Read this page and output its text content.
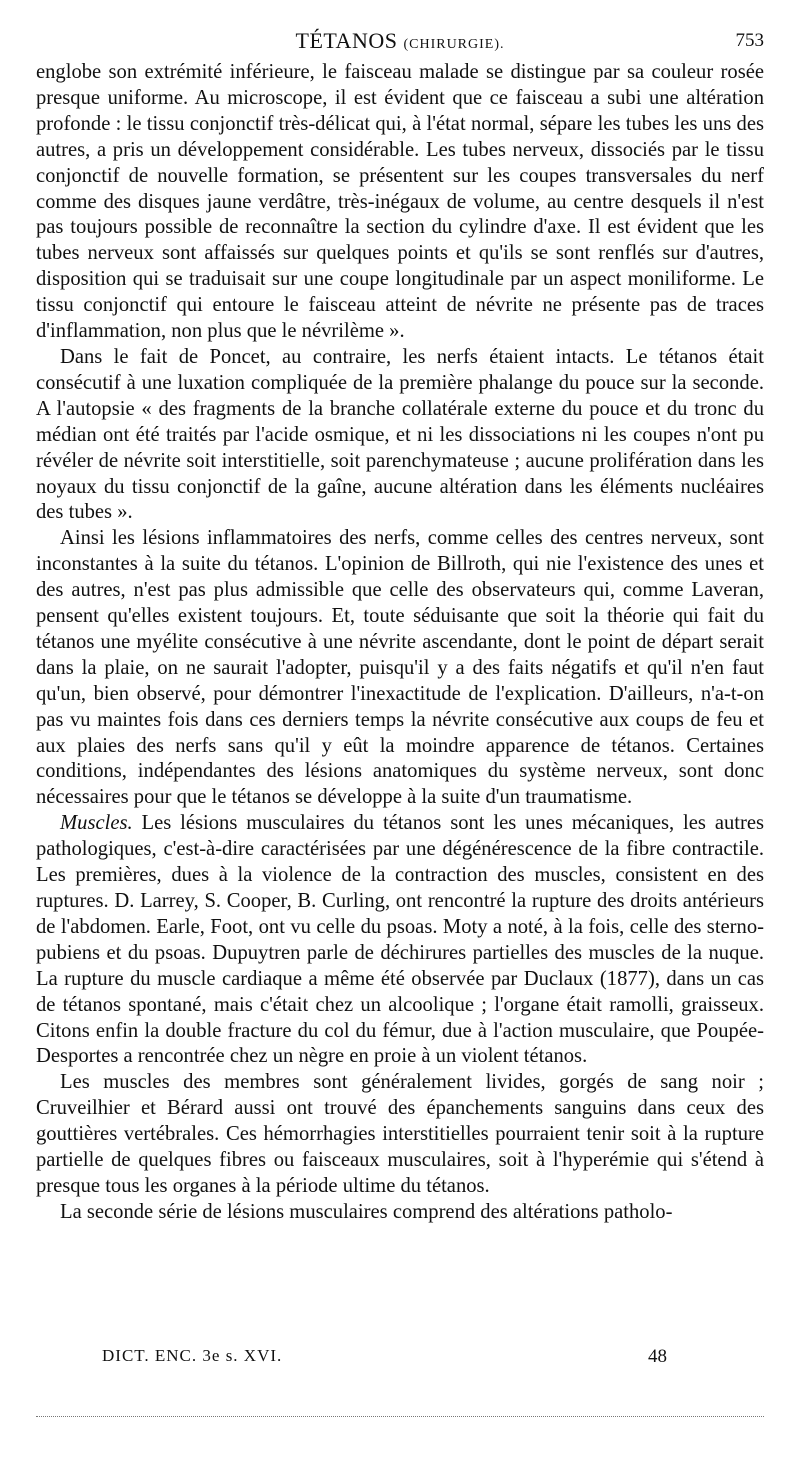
TÉTANOS (CHIRURGIE).	753

englobe son extrémité inférieure, le faisceau malade se distingue par sa couleur rosée presque uniforme. Au microscope, il est évident que ce faisceau a subi une altération profonde : le tissu conjonctif très-délicat qui, à l'état normal, sépare les tubes les uns des autres, a pris un développement considérable. Les tubes nerveux, dissociés par le tissu conjonctif de nouvelle formation, se présentent sur les coupes transversales du nerf comme des disques jaune verdâtre, très-inégaux de volume, au centre desquels il n'est pas toujours possible de reconnaître la section du cylindre d'axe. Il est évident que les tubes nerveux sont affaissés sur quelques points et qu'ils se sont renflés sur d'autres, disposition qui se traduisait sur une coupe longitudinale par un aspect moniliforme. Le tissu conjonctif qui entoure le faisceau atteint de névrite ne présente pas de traces d'inflammation, non plus que le névrilème ».

Dans le fait de Poncet, au contraire, les nerfs étaient intacts. Le tétanos était consécutif à une luxation compliquée de la première phalange du pouce sur la seconde. A l'autopsie « des fragments de la branche collatérale externe du pouce et du tronc du médian ont été traités par l'acide osmique, et ni les dissociations ni les coupes n'ont pu révéler de névrite soit interstitielle, soit parenchymateuse ; aucune prolifération dans les noyaux du tissu conjonctif de la gaîne, aucune altération dans les éléments nucléaires des tubes ».

Ainsi les lésions inflammatoires des nerfs, comme celles des centres nerveux, sont inconstantes à la suite du tétanos. L'opinion de Billroth, qui nie l'existence des unes et des autres, n'est pas plus admissible que celle des observateurs qui, comme Laveran, pensent qu'elles existent toujours. Et, toute séduisante que soit la théorie qui fait du tétanos une myélite consécutive à une névrite ascendante, dont le point de départ serait dans la plaie, on ne saurait l'adopter, puisqu'il y a des faits négatifs et qu'il n'en faut qu'un, bien observé, pour démontrer l'inexactitude de l'explication. D'ailleurs, n'a-t-on pas vu maintes fois dans ces derniers temps la névrite consécutive aux coups de feu et aux plaies des nerfs sans qu'il y eût la moindre apparence de tétanos. Certaines conditions, indépendantes des lésions anatomiques du système nerveux, sont donc nécessaires pour que le tétanos se développe à la suite d'un traumatisme.

Muscles. Les lésions musculaires du tétanos sont les unes mécaniques, les autres pathologiques, c'est-à-dire caractérisées par une dégénérescence de la fibre contractile. Les premières, dues à la violence de la contraction des muscles, consistent en des ruptures. D. Larrey, S. Cooper, B. Curling, ont rencontré la rupture des droits antérieurs de l'abdomen. Earle, Foot, ont vu celle du psoas. Moty a noté, à la fois, celle des sterno-pubiens et du psoas. Dupuytren parle de déchirures partielles des muscles de la nuque. La rupture du muscle cardiaque a même été observée par Duclaux (1877), dans un cas de tétanos spontané, mais c'était chez un alcoolique ; l'organe était ramolli, graisseux. Citons enfin la double fracture du col du fémur, due à l'action musculaire, que Poupée-Desportes a rencontrée chez un nègre en proie à un violent tétanos.

Les muscles des membres sont généralement livides, gorgés de sang noir ; Cruveilhier et Bérard aussi ont trouvé des épanchements sanguins dans ceux des gouttières vertébrales. Ces hémorrhagies interstitielles pourraient tenir soit à la rupture partielle de quelques fibres ou faisceaux musculaires, soit à l'hyperémie qui s'étend à presque tous les organes à la période ultime du tétanos.

La seconde série de lésions musculaires comprend des altérations patholo-

DICT. ENC. 3e s. XVI.	48
